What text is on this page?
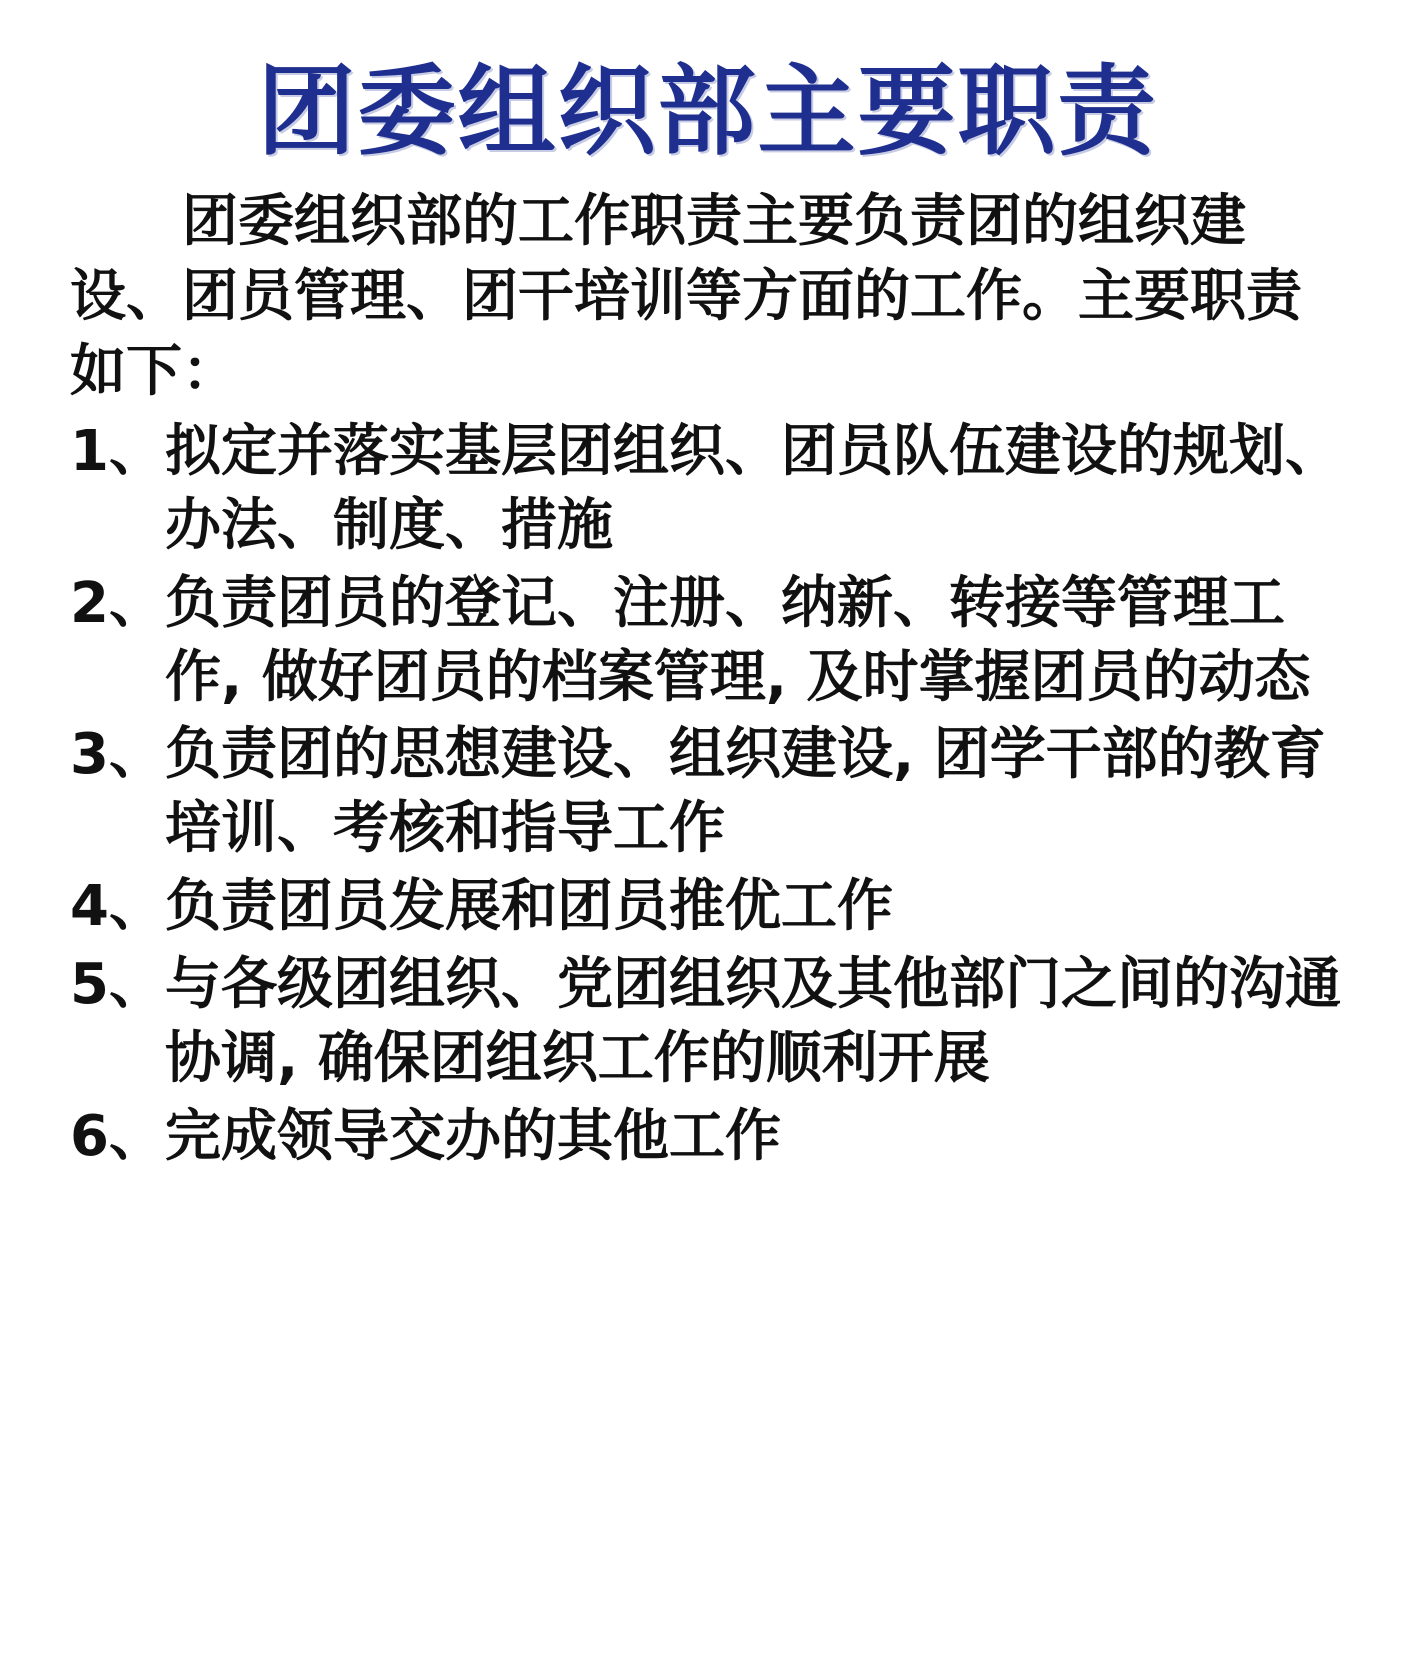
团委组织部主要职责

团委组织部的工作职责主要负责团的组织建设、团员管理、团干培训等方面的工作。主要职责如下：

1、 拟定并落实基层团组织、团员队伍建设的规划、办法、制度、措施
2、 负责团员的登记、注册、纳新、转接等管理工作, 做好团员的档案管理, 及时掌握团员的动态
3、 负责团的思想建设、组织建设, 团学干部的教育培训、考核和指导工作
4、 负责团员发展和团员推优工作
5、 与各级团组织、党团组织及其他部门之间的沟通协调, 确保团组织工作的顺利开展
6、 完成领导交办的其他工作
